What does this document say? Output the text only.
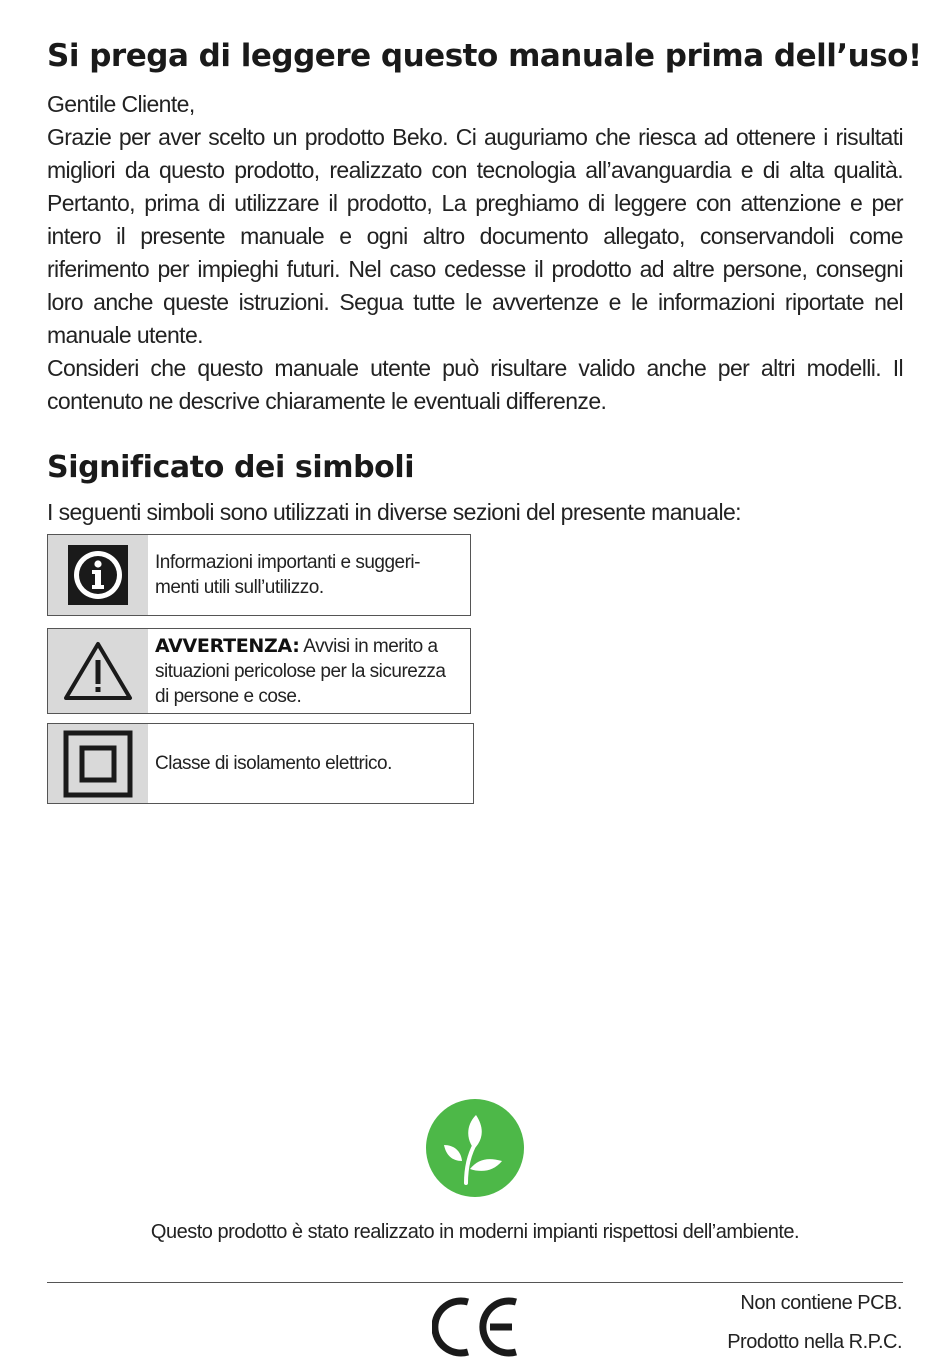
Si prega di leggere questo manuale prima dell’uso!

Gentile Cliente,

Grazie per aver scelto un prodotto Beko. Ci auguriamo che riesca ad ottenere i risultati migliori da questo prodotto, realizzato con tecnologia all’avanguardia e di alta qualità. Pertanto, prima di utilizzare il prodotto, La preghiamo di leggere con attenzione e per intero il presente manuale e ogni altro documento allegato, conservandoli come riferimento per impieghi futuri. Nel caso cedesse il prodotto ad altre persone, consegni loro anche queste istruzioni. Segua tutte le avvertenze e le informazioni riportate nel manuale utente.

Consideri che questo manuale utente può risultare valido anche per altri modelli. Il contenuto ne descrive chiaramente le eventuali differenze.

Significato dei simboli

I seguenti simboli sono utilizzati in diverse sezioni del presente manuale:

Informazioni importanti e suggeri-
menti utili sull’utilizzo.
AVVERTENZA: Avvisi in merito a
situazioni pericolose per la sicurezza
di persone e cose.
Classe di isolamento elettrico.
Questo prodotto è stato realizzato in moderni impianti rispettosi dell’ambiente.
Non contiene PCB.
Prodotto nella R.P.C.
